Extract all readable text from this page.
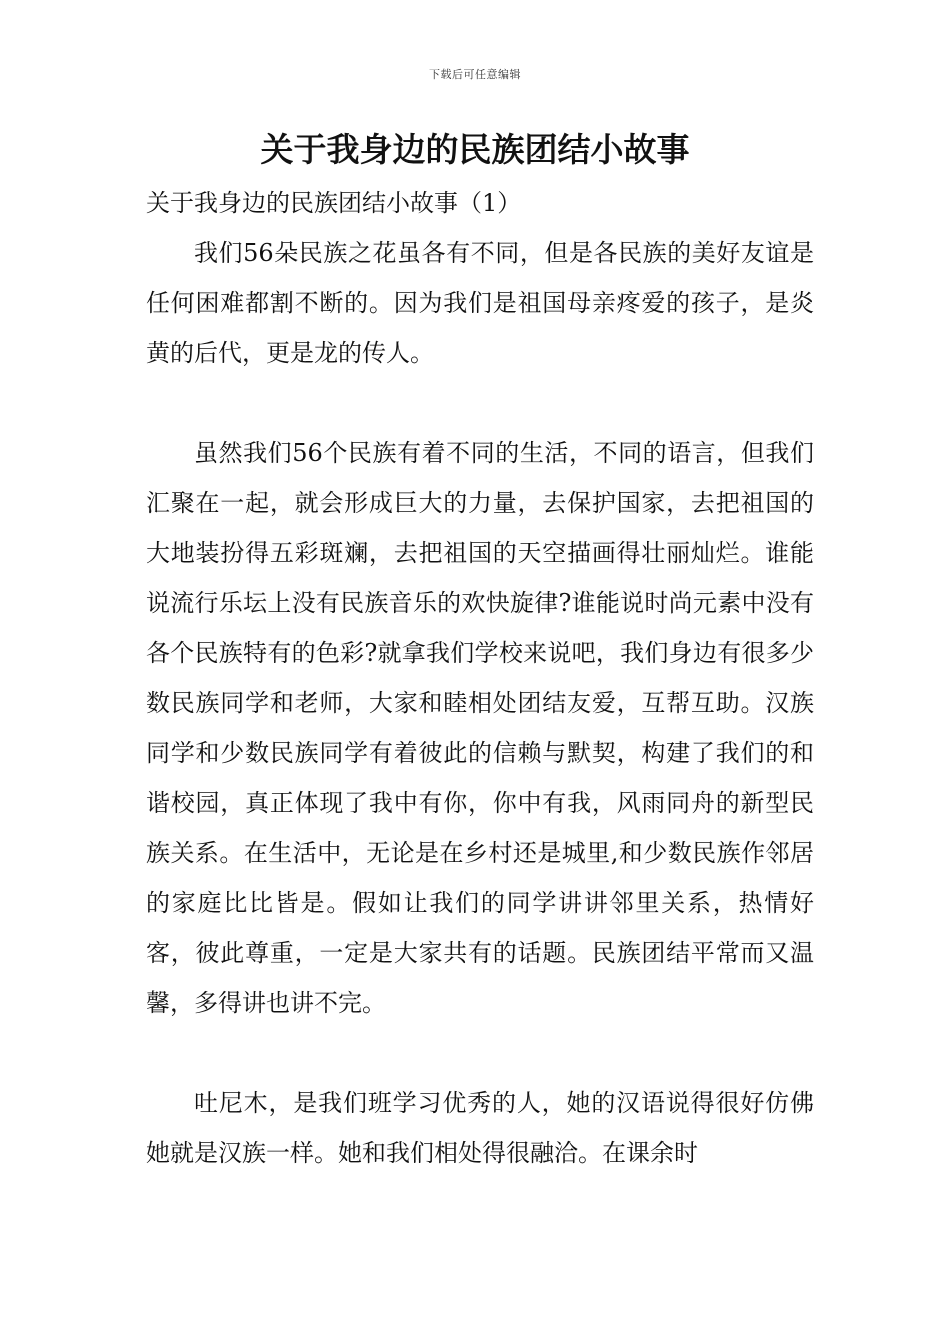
下载后可任意编辑
关于我身边的民族团结小故事

关于我身边的民族团结小故事（1）

我们56朵民族之花虽各有不同，但是各民族的美好友谊是任何困难都割不断的。因为我们是祖国母亲疼爱的孩子，是炎黄的后代，更是龙的传人。

虽然我们56个民族有着不同的生活，不同的语言，但我们汇聚在一起，就会形成巨大的力量，去保护国家，去把祖国的大地装扮得五彩斑斓，去把祖国的天空描画得壮丽灿烂。谁能说流行乐坛上没有民族音乐的欢快旋律?谁能说时尚元素中没有各个民族特有的色彩?就拿我们学校来说吧，我们身边有很多少数民族同学和老师，大家和睦相处团结友爱，互帮互助。汉族同学和少数民族同学有着彼此的信赖与默契，构建了我们的和谐校园，真正体现了我中有你，你中有我，风雨同舟的新型民族关系。在生活中，无论是在乡村还是城里,和少数民族作邻居的家庭比比皆是。假如让我们的同学讲讲邻里关系，热情好客，彼此尊重，一定是大家共有的话题。民族团结平常而又温馨，多得讲也讲不完。

吐尼木，是我们班学习优秀的人，她的汉语说得很好仿佛她就是汉族一样。她和我们相处得很融洽。在课余时
